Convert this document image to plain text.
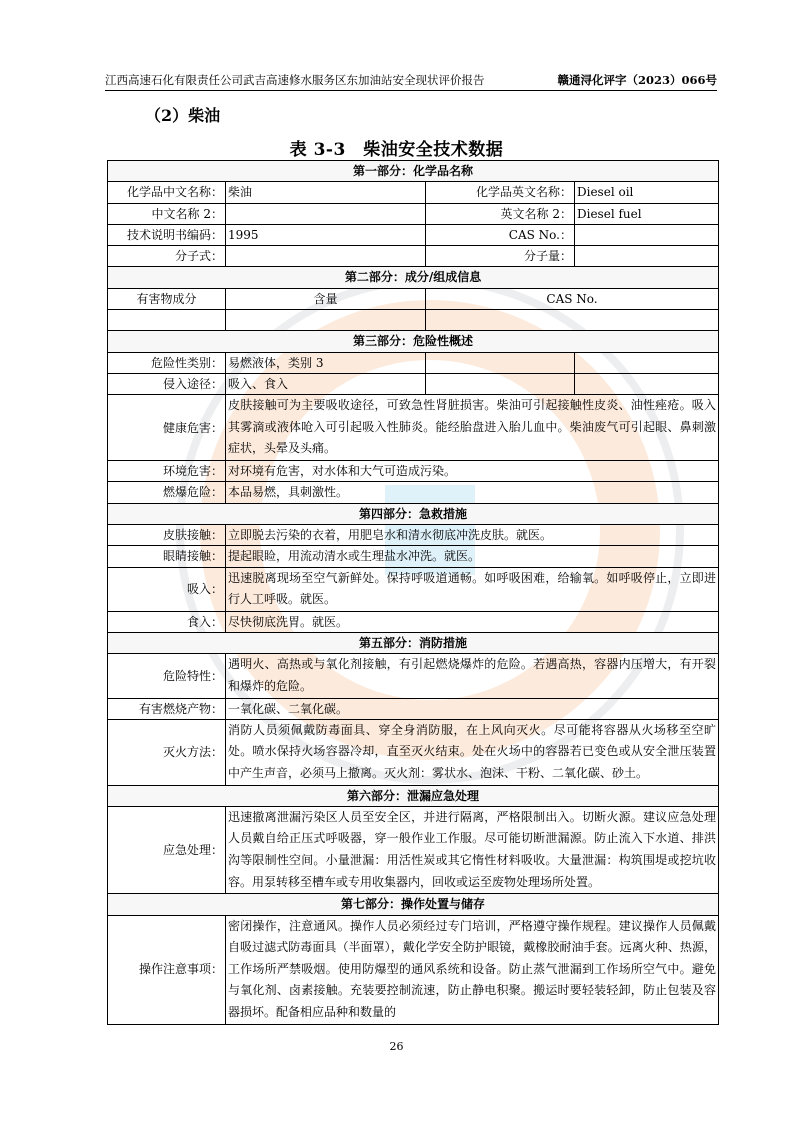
江西高速石化有限责任公司武吉高速修水服务区东加油站安全现状评价报告	赣通浔化评字（2023）066号
（2）柴油
表 3-3　柴油安全技术数据
第一部分：化学品名称			
化学品中文名称：	柴油	化学品英文名称：	Diesel oil
中文名称 2：		英文名称 2：	Diesel fuel
技术说明书编码：	1995	CAS No.：	
分子式：		分子量：	
第二部分：成分/组成信息			
有害物成分	含量	CAS No.	

第三部分：危险性概述			
危险性类别：	易燃液体，类别 3		
侵入途径：	吸入、食入		
健康危害：	皮肤接触可为主要吸收途径，可致急性肾脏损害。柴油可引起接触性皮炎、油性痤疮。吸入其雾滴或液体呛入可引起吸入性肺炎。能经胎盘进入胎儿血中。柴油废气可引起眼、鼻刺激症状，头晕及头痛。		
环境危害：	对环境有危害，对水体和大气可造成污染。		
燃爆危险：	本品易燃，具刺激性。		
第四部分：急救措施			
皮肤接触：	立即脱去污染的衣着，用肥皂水和清水彻底冲洗皮肤。就医。		
眼睛接触：	提起眼睑，用流动清水或生理盐水冲洗。就医。		
吸入：	迅速脱离现场至空气新鲜处。保持呼吸道通畅。如呼吸困难，给输氧。如呼吸停止，立即进行人工呼吸。就医。		
食入：	尽快彻底洗胃。就医。		
第五部分：消防措施			
危险特性：	遇明火、高热或与氧化剂接触，有引起燃烧爆炸的危险。若遇高热，容器内压增大，有开裂和爆炸的危险。		
有害燃烧产物：	一氧化碳、二氧化碳。		
灭火方法：	消防人员须佩戴防毒面具、穿全身消防服，在上风向灭火。尽可能将容器从火场移至空旷处。喷水保持火场容器冷却，直至灭火结束。处在火场中的容器若已变色或从安全泄压装置中产生声音，必须马上撤离。灭火剂：雾状水、泡沫、干粉、二氧化碳、砂土。		
第六部分：泄漏应急处理			
应急处理：	迅速撤离泄漏污染区人员至安全区，并进行隔离，严格限制出入。切断火源。建议应急处理人员戴自给正压式呼吸器，穿一般作业工作服。尽可能切断泄漏源。防止流入下水道、排洪沟等限制性空间。小量泄漏：用活性炭或其它惰性材料吸收。大量泄漏：构筑围堤或挖坑收容。用泵转移至槽车或专用收集器内，回收或运至废物处理场所处置。		
第七部分：操作处置与储存			
操作注意事项：	密闭操作，注意通风。操作人员必须经过专门培训，严格遵守操作规程。建议操作人员佩戴自吸过滤式防毒面具（半面罩），戴化学安全防护眼镜，戴橡胶耐油手套。远离火种、热源，工作场所严禁吸烟。使用防爆型的通风系统和设备。防止蒸气泄漏到工作场所空气中。避免与氧化剂、卤素接触。充装要控制流速，防止静电积聚。搬运时要轻装轻卸，防止包装及容器损坏。配备相应品种和数量的		
26
